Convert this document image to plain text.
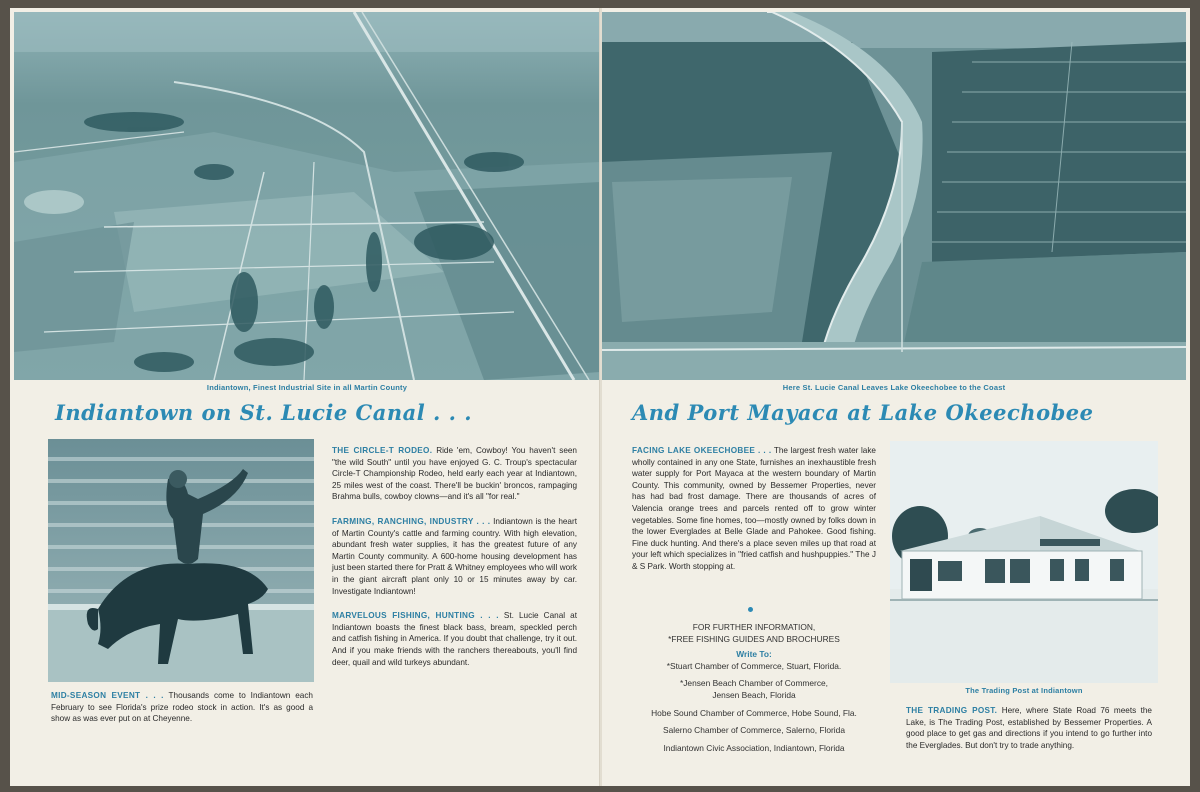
Indiantown, Finest Industrial Site in all Martin County
Indiantown on St. Lucie Canal . . .

MID-SEASON EVENT . . . Thousands come to Indiantown each February to see Florida's prize rodeo stock in action. It's as good a show as was ever put on at Cheyenne.

THE CIRCLE-T RODEO. Ride 'em, Cowboy! You haven't seen "the wild South" until you have enjoyed G. C. Troup's spectacular Circle-T Championship Rodeo, held early each year at Indiantown, 25 miles west of the coast. There'll be buckin' broncos, rampaging Brahma bulls, cowboy clowns—and it's all "for real."

FARMING, RANCHING, INDUSTRY . . . Indiantown is the heart of Martin County's cattle and farming country. With high elevation, abundant fresh water supplies, it has the greatest future of any Martin County community. A 600-home housing development has just been started there for Pratt & Whitney employees who will work in the giant aircraft plant only 10 or 15 minutes away by car. Investigate Indiantown!

MARVELOUS FISHING, HUNTING . . . St. Lucie Canal at Indiantown boasts the finest black bass, bream, speckled perch and catfish fishing in America. If you doubt that challenge, try it out. And if you make friends with the ranchers thereabouts, you'll find deer, quail and wild turkeys abundant.

Here St. Lucie Canal Leaves Lake Okeechobee to the Coast
And Port Mayaca at Lake Okeechobee

FACING LAKE OKEECHOBEE . . . The largest fresh water lake wholly contained in any one State, furnishes an inexhaustible fresh water supply for Port Mayaca at the western boundary of Martin County. This community, owned by Bessemer Properties, never has had bad frost damage. There are thousands of acres of Valencia orange trees and parcels rented off to grow winter vegetables. Some fine homes, too—mostly owned by folks down in the lower Everglades at Belle Glade and Pahokee. Good fishing. Fine duck hunting. And there's a place seven miles up that road at your left which specializes in "fried catfish and hushpuppies." The J & S Park. Worth stopping at.

FOR FURTHER INFORMATION,
*FREE FISHING GUIDES AND BROCHURES
Write To:
*Stuart Chamber of Commerce, Stuart, Florida.
*Jensen Beach Chamber of Commerce,
Jensen Beach, Florida
Hobe Sound Chamber of Commerce, Hobe Sound, Fla.
Salerno Chamber of Commerce, Salerno, Florida
Indiantown Civic Association, Indiantown, Florida
The Trading Post at Indiantown

THE TRADING POST. Here, where State Road 76 meets the Lake, is The Trading Post, established by Bessemer Properties. A good place to get gas and directions if you intend to go further into the Everglades. But don't try to trade anything.
